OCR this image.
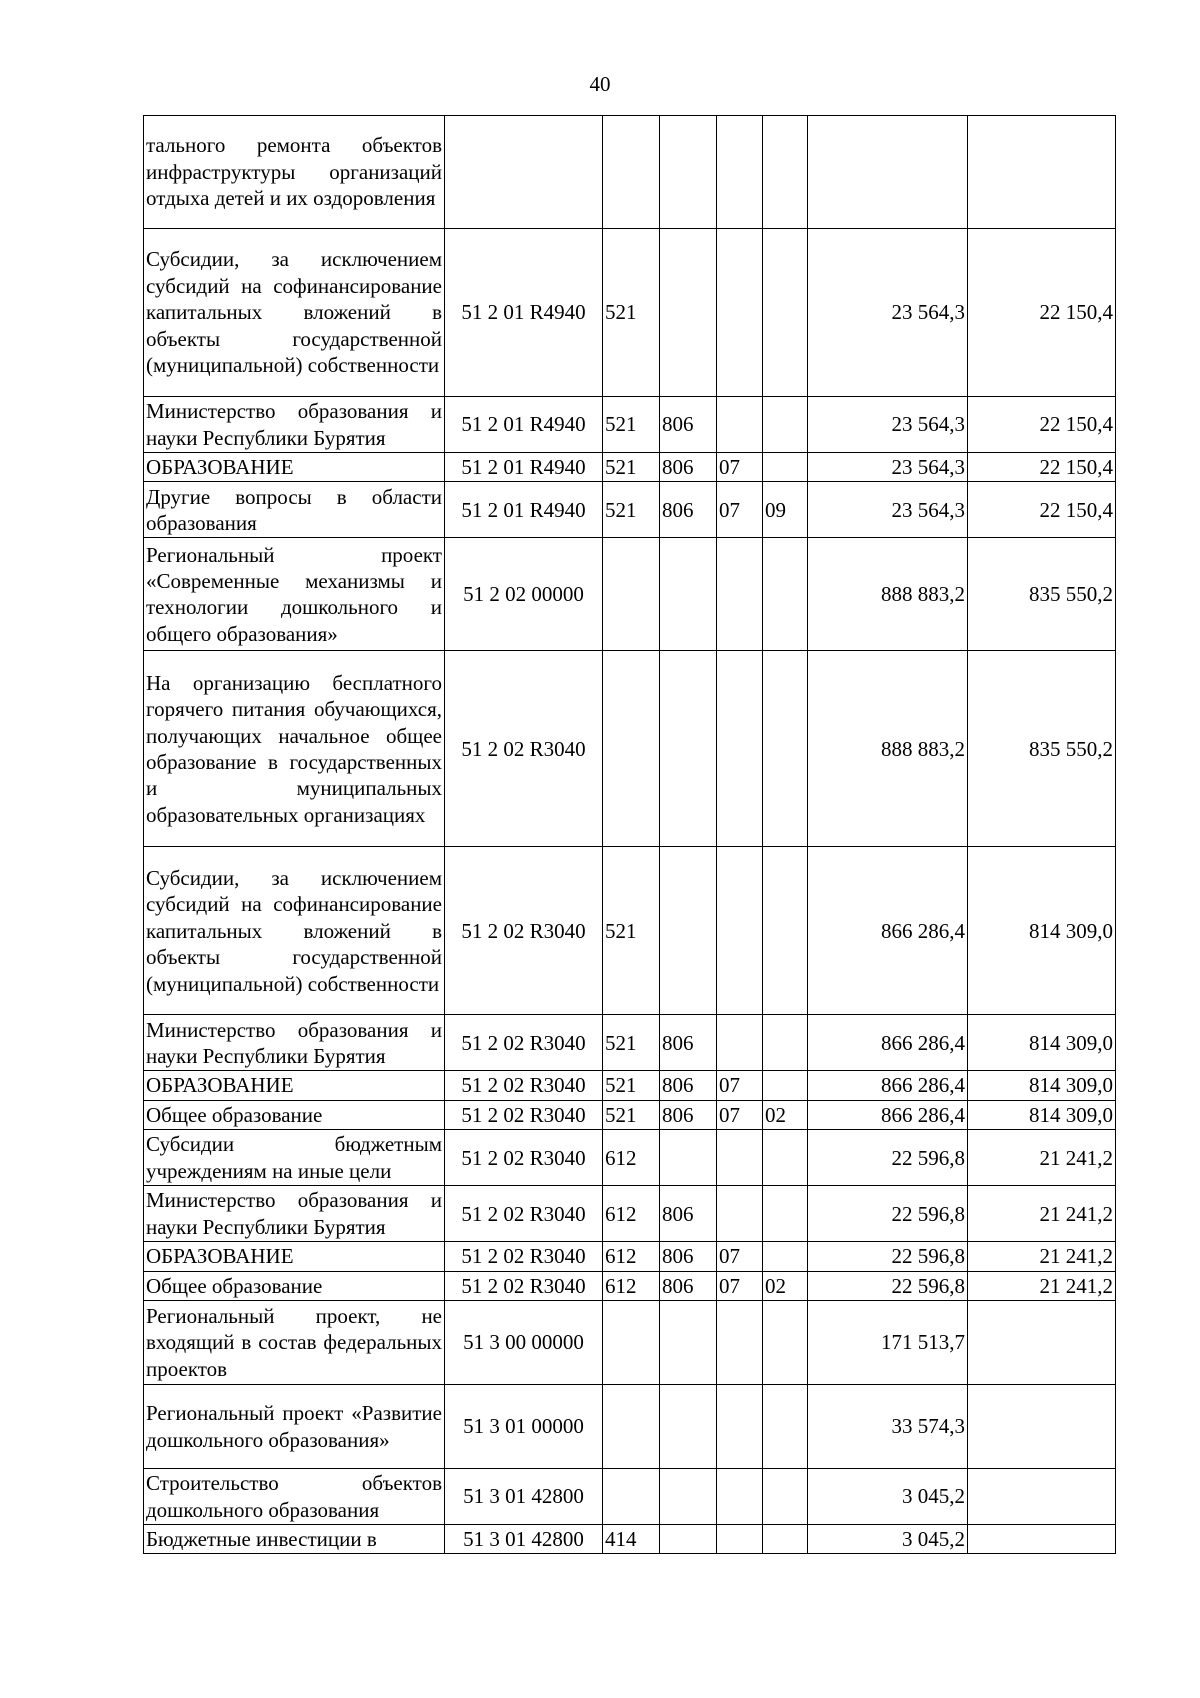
40
тального ремонта объектов инфраструктуры организаций отдыха детей и их оздоровления							
Субсидии, за исключением субсидий на софинансирование капитальных вложений в объекты государственной (муниципальной) собственности	51 2 01 R4940	521				23 564,3	22 150,4
Министерство образования и науки Республики Бурятия	51 2 01 R4940	521	806			23 564,3	22 150,4
ОБРАЗОВАНИЕ	51 2 01 R4940	521	806	07		23 564,3	22 150,4
Другие вопросы в области образования	51 2 01 R4940	521	806	07	09	23 564,3	22 150,4
Региональный проект «Современные механизмы и технологии дошкольного и общего образования»	51 2 02 00000					888 883,2	835 550,2
На организацию бесплатного горячего питания обучающихся, получающих начальное общее образование в государственных и муниципальных образовательных организациях	51 2 02 R3040					888 883,2	835 550,2
Субсидии, за исключением субсидий на софинансирование капитальных вложений в объекты государственной (муниципальной) собственности	51 2 02 R3040	521				866 286,4	814 309,0
Министерство образования и науки Республики Бурятия	51 2 02 R3040	521	806			866 286,4	814 309,0
ОБРАЗОВАНИЕ	51 2 02 R3040	521	806	07		866 286,4	814 309,0
Общее образование	51 2 02 R3040	521	806	07	02	866 286,4	814 309,0
Субсидии бюджетным учреждениям на иные цели	51 2 02 R3040	612				22 596,8	21 241,2
Министерство образования и науки Республики Бурятия	51 2 02 R3040	612	806			22 596,8	21 241,2
ОБРАЗОВАНИЕ	51 2 02 R3040	612	806	07		22 596,8	21 241,2
Общее образование	51 2 02 R3040	612	806	07	02	22 596,8	21 241,2
Региональный проект, не входящий в состав федеральных проектов	51 3 00 00000					171 513,7	
Региональный проект «Развитие дошкольного образования»	51 3 01 00000					33 574,3	
Строительство объектов дошкольного образования	51 3 01 42800					3 045,2	
Бюджетные инвестиции в	51 3 01 42800	414				3 045,2	
